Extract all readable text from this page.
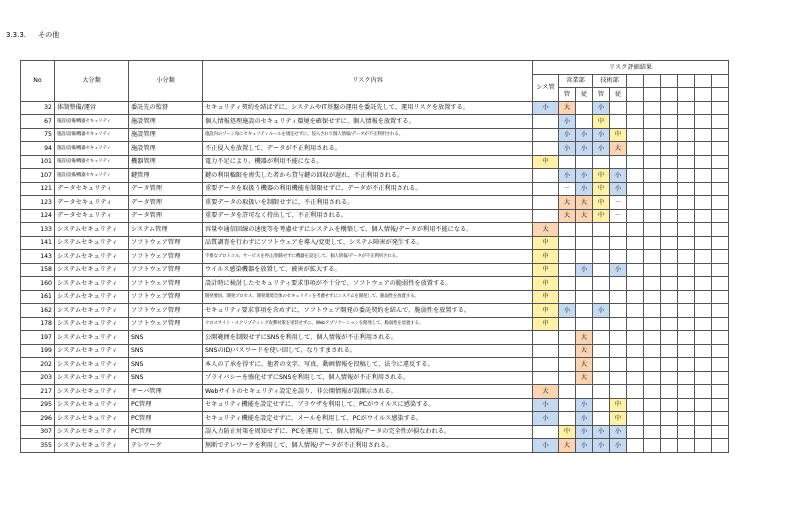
3.3.3. その他
No	大分類	小分類	リスク内容	リスク評価結果										
				シス管	営業部		技術部							
					管	従	管	従						
32	体制整備/運営	委託先の監督	セキュリティ契約を結ばずに、システムやIT基盤の運用を委託先して、運用リスクを放置する。	小	大		小							
67	施設/設備/機器セキュリティ	施設管理	個人情報処理施設のセキュリティ環境を確保せずに、個人情報を放置する。		小		中							
75	施設/設備/機器セキュリティ	施設管理	施設内のゾーン毎にセキュリティルールを規定せずに、侵入されて個人情報/データが不正利用される。		小	小	小	中						
94	施設/設備/機器セキュリティ	施設管理	不正侵入を放置して、データが不正利用される。		小	小	小	大						
101	施設/設備/機器セキュリティ	機器管理	電力不足により、機器が利用不能になる。	中										
107	施設/設備/機器セキュリティ	鍵管理	鍵の利用権限を喪失した者から貸与鍵の回収が遅れ、不正利用される。		小	小	中	小						
121	データセキュリティ	データ管理	重要データを取扱う機器の利用機能を制限せずに、データが不正利用される。		－	小	中	小						
123	データセキュリティ	データ管理	重要データの取扱いを制限せずに、不正利用される。		大	大	中	－						
124	データセキュリティ	データ管理	重要データを許可なく持出して、不正利用される。		大	大	中	－						
133	システムセキュリティ	システム管理	容量や通信回線の速度等を考慮せずにシステムを構築して、個人情報/データが利用不能になる。	大										
141	システムセキュリティ	ソフトウェア管理	品質調査を行わずにソフトウェアを導入/変更して、システム障害が発生する。	中										
143	システムセキュリティ	ソフトウェア管理	不要なプロトコル、サービスを停止/削除せずに機器を設定して、個人情報/データが不正利用される。	中										
158	システムセキュリティ	ソフトウェア管理	ウイルス感染機器を放置して、被害が拡大する。	中		小		小						
160	システムセキュリティ	ソフトウェア管理	設計時に検討したセキュリティ要求事項が不十分で、ソフトウェアの脆弱性を放置する。	中										
161	システムセキュリティ	ソフトウェア管理	開発要員、開発プロセス、開発環境全体のセキュリティを考慮せずにシステムを開発して、脆弱性を放置する。	中										
162	システムセキュリティ	ソフトウェア管理	セキュリティ要求事項を含めずに、ソフトウェア開発の委託契約を結んで、脆弱性を放置する。	中	小		小							
178	システムセキュリティ	ソフトウェア管理	クロスサイト・スクリプティング攻撃対策を実装せずに、Webアプリケーションを開発して、脆弱性を放置する。	中										
197	システムセキュリティ	SNS	公開範囲を制限せずにSNSを利用して、個人情報が不正利用される。			大								
199	システムセキュリティ	SNS	SNSのID/パスワードを使い回して、なりすまされる。			大								
202	システムセキュリティ	SNS	本人の了承を得ずに、他者の文字、写真、動画情報を投稿して、法令に違反する。			大								
203	システムセキュリティ	SNS	プライバシーを強化せずにSNSを利用して、個人情報が不正利用される。			大								
217	システムセキュリティ	サーバ管理	Webサイトのセキュリティ設定を誤り、非公開情報が誤開示される。	大										
295	システムセキュリティ	PC管理	セキュリティ機能を設定せずに、ブラウザを利用して、PCがウイルスに感染する。	小		小		中						
296	システムセキュリティ	PC管理	セキュリティ機能を設定せずに、メールを利用して、PCがウイルス感染する。	小		小		中						
307	システムセキュリティ	PC管理	誤入力防止対策を周知せずに、PCを運用して、個人情報/データの完全性が損なわれる。		中	小	小	小						
355	システムセキュリティ	テレワーク	無断でテレワークを利用して、個人情報/データが不正利用される。	小	大	小	小	小						
